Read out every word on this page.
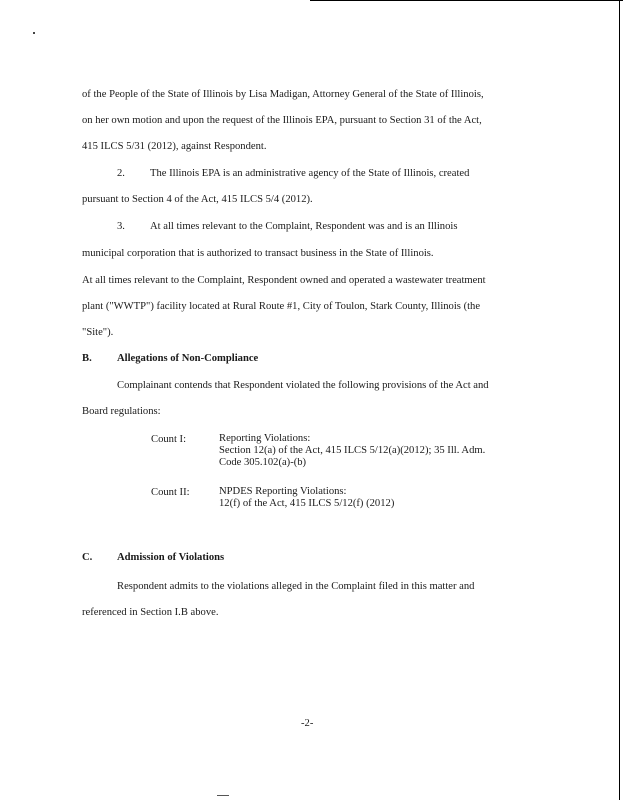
of the People of the State of Illinois by Lisa Madigan, Attorney General of the State of Illinois,
on her own motion and upon the request of the Illinois EPA, pursuant to Section 31 of the Act,
415 ILCS 5/31 (2012), against Respondent.
2. The Illinois EPA is an administrative agency of the State of Illinois, created
pursuant to Section 4 of the Act, 415 ILCS 5/4 (2012).
3. At all times relevant to the Complaint, Respondent was and is an Illinois
municipal corporation that is authorized to transact business in the State of Illinois.
At all times relevant to the Complaint, Respondent owned and operated a wastewater treatment
plant ("WWTP") facility located at Rural Route #1, City of Toulon, Stark County, Illinois (the
"Site").
B. Allegations of Non-Compliance
Complainant contends that Respondent violated the following provisions of the Act and
Board regulations:
Count I:	Reporting Violations:
Section 12(a) of the Act, 415 ILCS 5/12(a)(2012); 35 Ill. Adm.
Code 305.102(a)-(b)
Count II:	NPDES Reporting Violations:
12(f) of the Act, 415 ILCS 5/12(f) (2012)
C. Admission of Violations
Respondent admits to the violations alleged in the Complaint filed in this matter and
referenced in Section I.B above.
-2-
